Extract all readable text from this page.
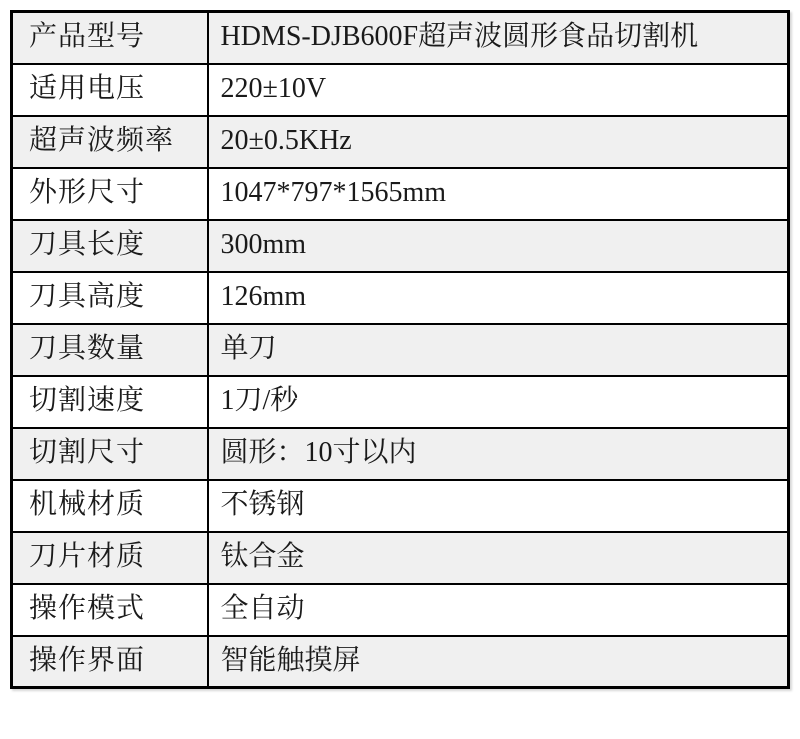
产品型号	HDMS-DJB600F超声波圆形食品切割机
适用电压	220±10V
超声波频率	20±0.5KHz
外形尺寸	1047*797*1565mm
刀具长度	300mm
刀具高度	126mm
刀具数量	单刀
切割速度	1刀/秒
切割尺寸	圆形：10寸以内
机械材质	不锈钢
刀片材质	钛合金
操作模式	全自动
操作界面	智能触摸屏
